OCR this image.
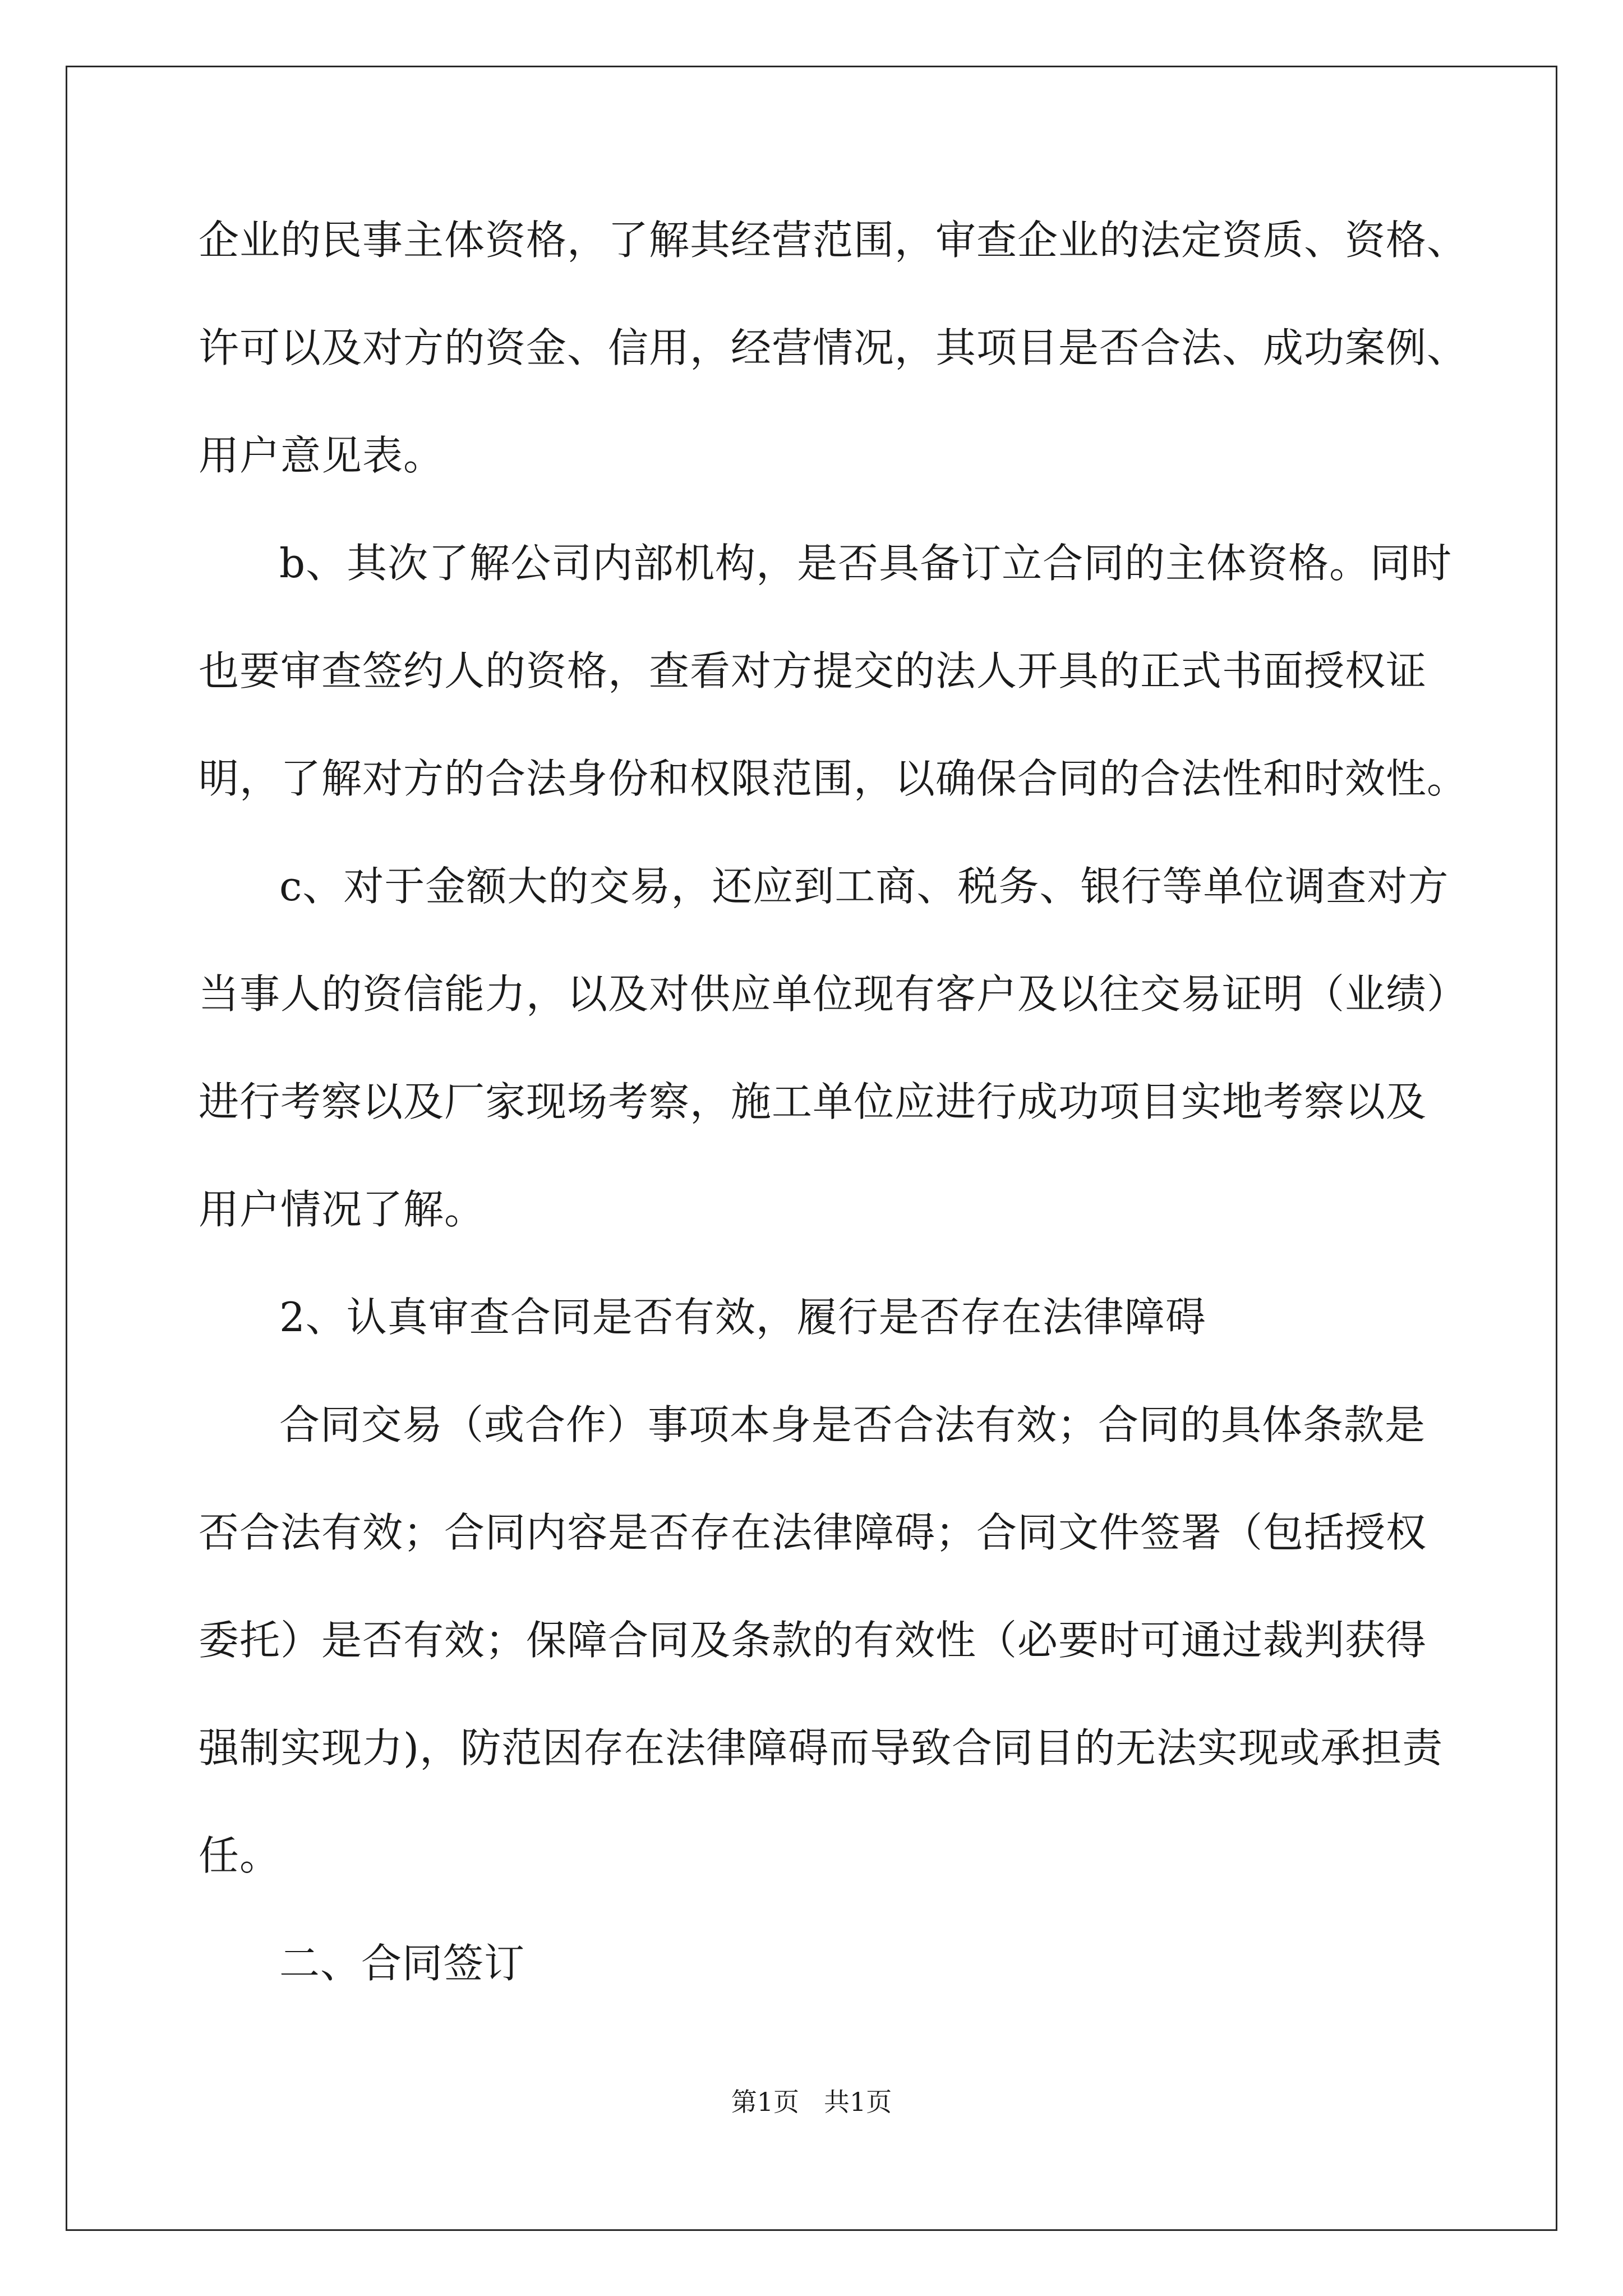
企业的民事主体资格，了解其经营范围，审查企业的法定资质、资格、
许可以及对方的资金、信用，经营情况，其项目是否合法、成功案例、
用户意见表。
b、其次了解公司内部机构，是否具备订立合同的主体资格。同时
也要审查签约人的资格，查看对方提交的法人开具的正式书面授权证
明，了解对方的合法身份和权限范围，以确保合同的合法性和时效性。
c、对于金额大的交易，还应到工商、税务、银行等单位调查对方
当事人的资信能力，以及对供应单位现有客户及以往交易证明（业绩）
进行考察以及厂家现场考察，施工单位应进行成功项目实地考察以及
用户情况了解。
2、认真审查合同是否有效，履行是否存在法律障碍
合同交易（或合作）事项本身是否合法有效；合同的具体条款是
否合法有效；合同内容是否存在法律障碍；合同文件签署（包括授权
委托）是否有效；保障合同及条款的有效性（必要时可通过裁判获得
强制实现力)，防范因存在法律障碍而导致合同目的无法实现或承担责
任。
二、合同签订
第1页 共1页
